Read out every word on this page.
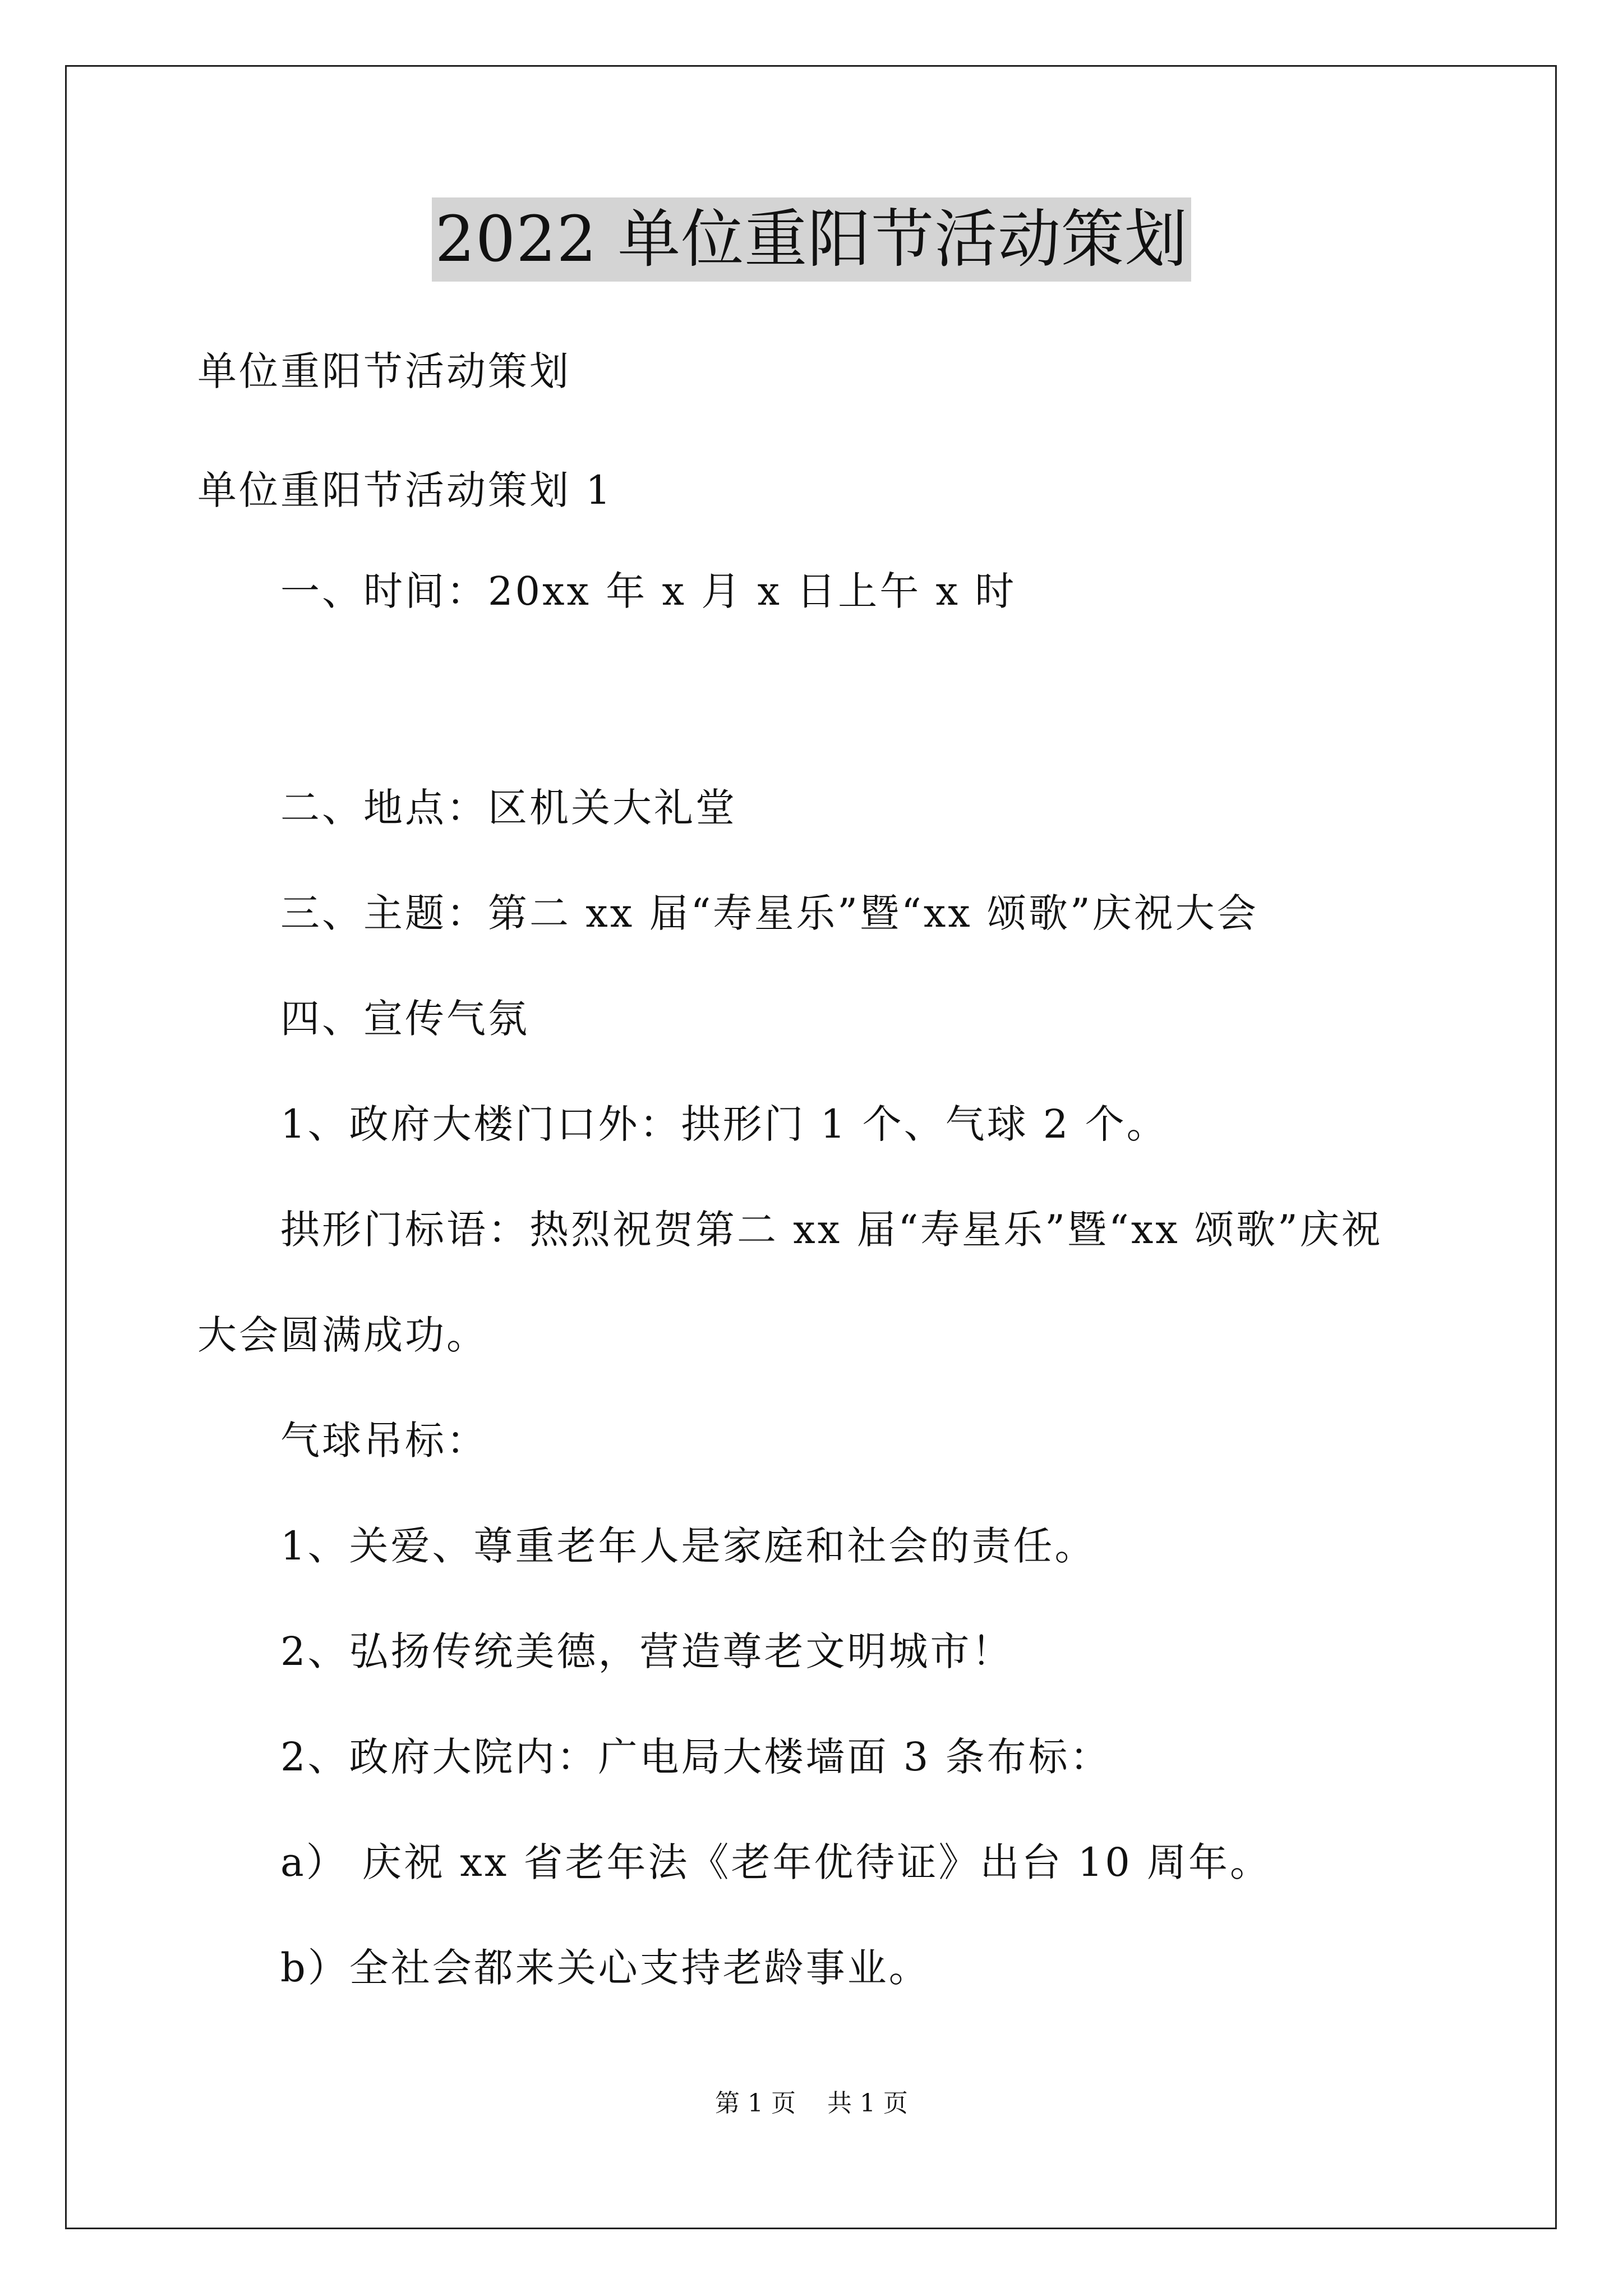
2022 单位重阳节活动策划
单位重阳节活动策划
单位重阳节活动策划 1
一、时间：20xx 年 x 月 x 日上午 x 时
二、地点：区机关大礼堂
三、主题：第二 xx 届“寿星乐”暨“xx 颂歌”庆祝大会
四、宣传气氛
1、政府大楼门口外：拱形门 1 个、气球 2 个。
拱形门标语：热烈祝贺第二 xx 届“寿星乐”暨“xx 颂歌”庆祝
大会圆满成功。
气球吊标：
1、关爱、尊重老年人是家庭和社会的责任。
2、弘扬传统美德，营造尊老文明城市！
2、政府大院内：广电局大楼墙面 3 条布标：
a） 庆祝 xx 省老年法《老年优待证》出台 10 周年。
b）全社会都来关心支持老龄事业。
第 1 页    共 1 页
